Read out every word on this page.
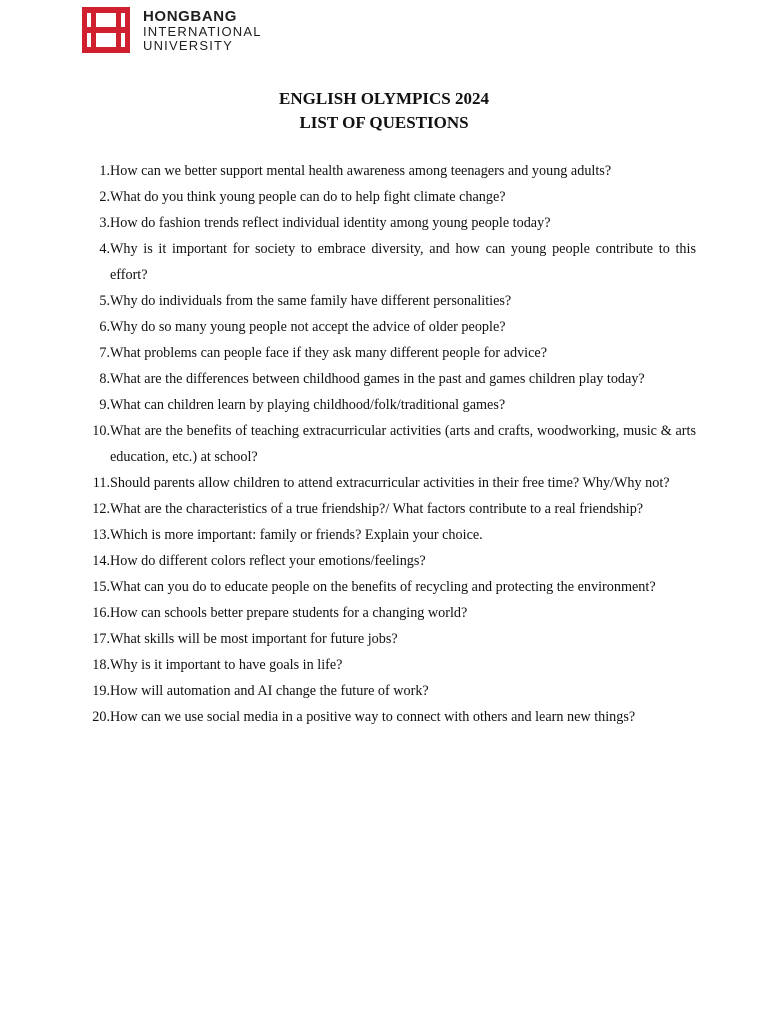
HONGBANG
INTERNATIONAL
UNIVERSITY
ENGLISH OLYMPICS 2024
LIST OF QUESTIONS
1. How can we better support mental health awareness among teenagers and young adults?
2. What do you think young people can do to help fight climate change?
3. How do fashion trends reflect individual identity among young people today?
4. Why is it important for society to embrace diversity, and how can young people contribute to this effort?
5. Why do individuals from the same family have different personalities?
6. Why do so many young people not accept the advice of older people?
7. What problems can people face if they ask many different people for advice?
8. What are the differences between childhood games in the past and games children play today?
9. What can children learn by playing childhood/folk/traditional games?
10. What are the benefits of teaching extracurricular activities (arts and crafts, woodworking, music & arts education, etc.) at school?
11. Should parents allow children to attend extracurricular activities in their free time? Why/Why not?
12. What are the characteristics of a true friendship?/ What factors contribute to a real friendship?
13. Which is more important: family or friends? Explain your choice.
14. How do different colors reflect your emotions/feelings?
15. What can you do to educate people on the benefits of recycling and protecting the environment?
16. How can schools better prepare students for a changing world?
17. What skills will be most important for future jobs?
18. Why is it important to have goals in life?
19. How will automation and AI change the future of work?
20. How can we use social media in a positive way to connect with others and learn new things?
